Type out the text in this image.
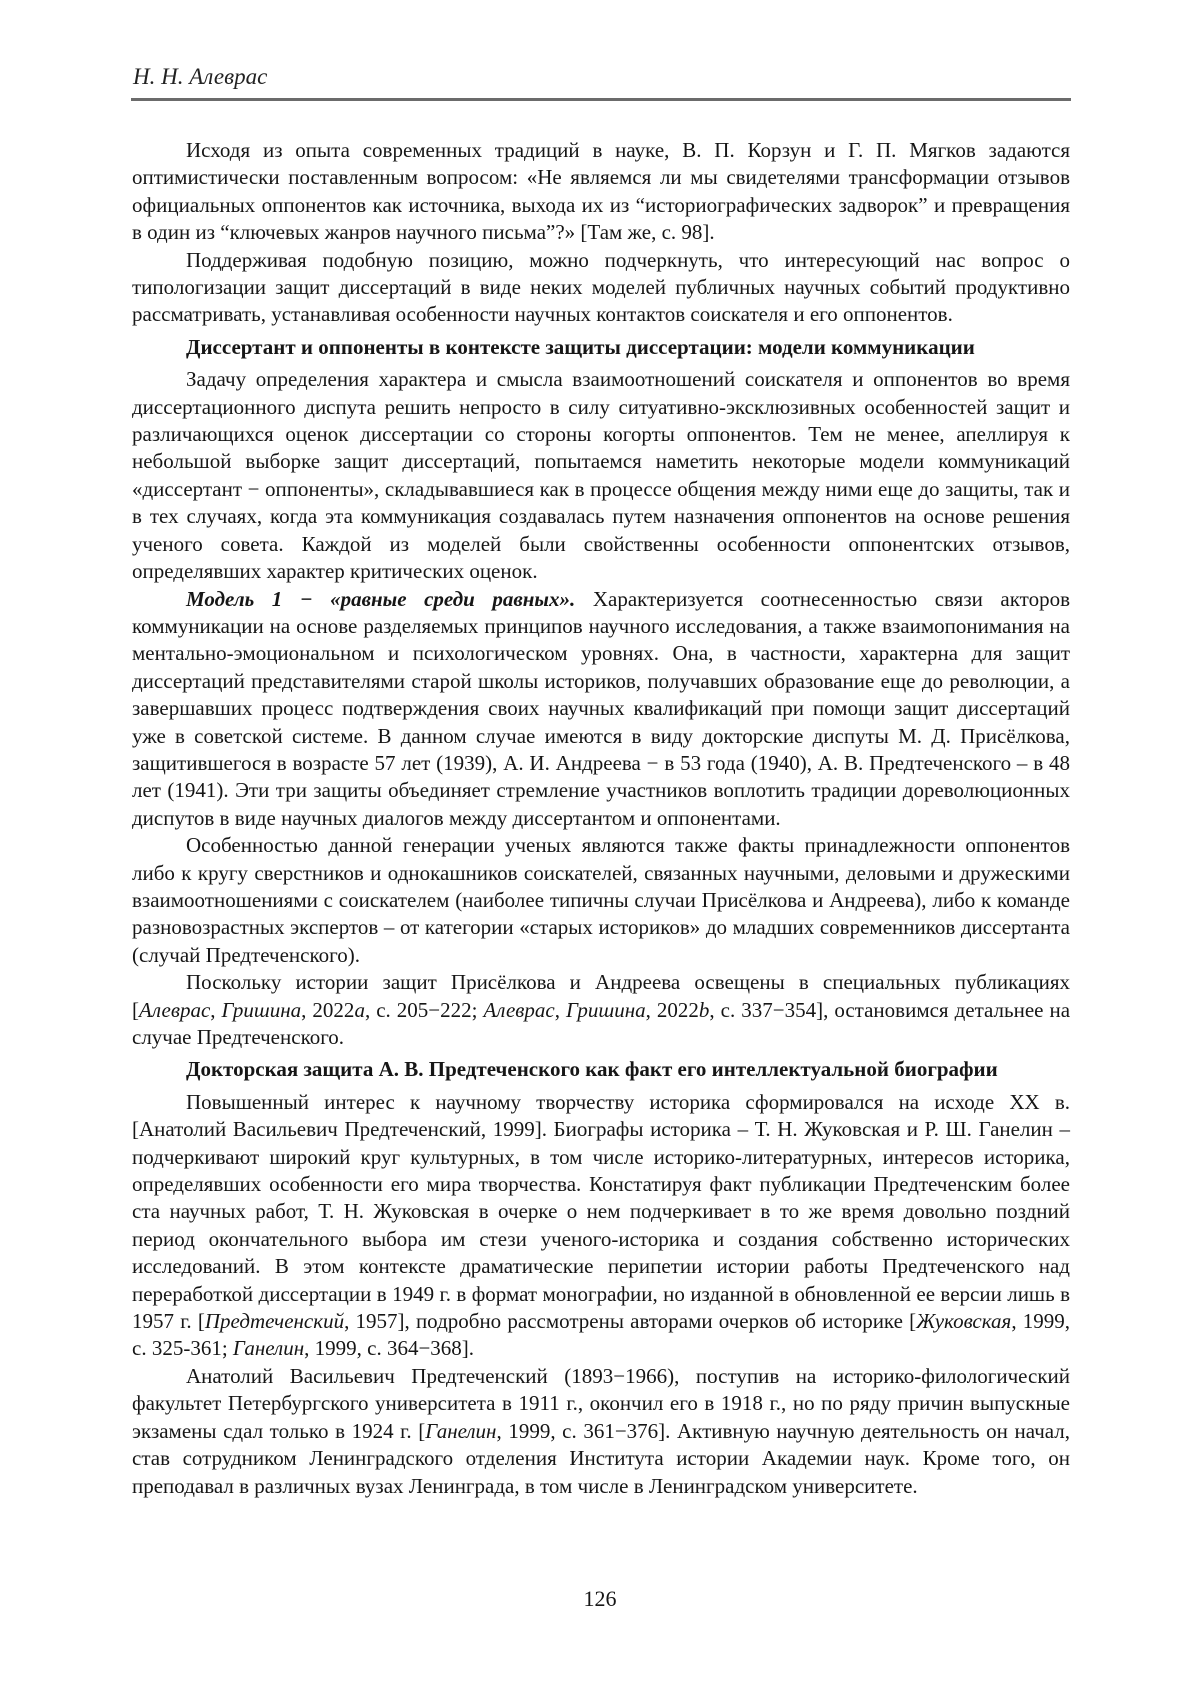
Н. Н. Алеврас

Исходя из опыта современных традиций в науке, В. П. Корзун и Г. П. Мягков задаются оптимистически поставленным вопросом: «Не являемся ли мы свидетелями трансформации отзывов официальных оппонентов как источника, выхода их из “историографических задворок” и превращения в один из “ключевых жанров научного письма”?» [Там же, с. 98].

Поддерживая подобную позицию, можно подчеркнуть, что интересующий нас вопрос о типологизации защит диссертаций в виде неких моделей публичных научных событий продуктивно рассматривать, устанавливая особенности научных контактов соискателя и его оппонентов.

Диссертант и оппоненты в контексте защиты диссертации: модели коммуникации

Задачу определения характера и смысла взаимоотношений соискателя и оппонентов во время диссертационного диспута решить непросто в силу ситуативно-эксклюзивных особенностей защит и различающихся оценок диссертации со стороны когорты оппонентов. Тем не менее, апеллируя к небольшой выборке защит диссертаций, попытаемся наметить некоторые модели коммуникаций «диссертант − оппоненты», складывавшиеся как в процессе общения между ними еще до защиты, так и в тех случаях, когда эта коммуникация создавалась путем назначения оппонентов на основе решения ученого совета. Каждой из моделей были свойственны особенности оппонентских отзывов, определявших характер критических оценок.

Модель 1 − «равные среди равных». Характеризуется соотнесенностью связи акторов коммуникации на основе разделяемых принципов научного исследования, а также взаимопонимания на ментально-эмоциональном и психологическом уровнях. Она, в частности, характерна для защит диссертаций представителями старой школы историков, получавших образование еще до революции, а завершавших процесс подтверждения своих научных квалификаций при помощи защит диссертаций уже в советской системе. В данном случае имеются в виду докторские диспуты М. Д. Присёлкова, защитившегося в возрасте 57 лет (1939), А. И. Андреева − в 53 года (1940), А. В. Предтеченского – в 48 лет (1941). Эти три защиты объединяет стремление участников воплотить традиции дореволюционных диспутов в виде научных диалогов между диссертантом и оппонентами.

Особенностью данной генерации ученых являются также факты принадлежности оппонентов либо к кругу сверстников и однокашников соискателей, связанных научными, деловыми и дружескими взаимоотношениями с соискателем (наиболее типичны случаи Присёлкова и Андреева), либо к команде разновозрастных экспертов – от категории «старых историков» до младших современников диссертанта (случай Предтеченского).

Поскольку истории защит Присёлкова и Андреева освещены в специальных публикациях [Алеврас, Гришина, 2022a, с. 205−222; Алеврас, Гришина, 2022b, с. 337−354], остановимся детальнее на случае Предтеченского.

Докторская защита А. В. Предтеченского как факт его интеллектуальной биографии

Повышенный интерес к научному творчеству историка сформировался на исходе XX в. [Анатолий Васильевич Предтеченский, 1999]. Биографы историка – Т. Н. Жуковская и Р. Ш. Ганелин – подчеркивают широкий круг культурных, в том числе историко-литературных, интересов историка, определявших особенности его мира творчества. Констатируя факт публикации Предтеченским более ста научных работ, Т. Н. Жуковская в очерке о нем подчеркивает в то же время довольно поздний период окончательного выбора им стези ученого-историка и создания собственно исторических исследований. В этом контексте драматические перипетии истории работы Предтеченского над переработкой диссертации в 1949 г. в формат монографии, но изданной в обновленной ее версии лишь в 1957 г. [Предтеченский, 1957], подробно рассмотрены авторами очерков об историке [Жуковская, 1999, с. 325-361; Ганелин, 1999, с. 364−368].

Анатолий Васильевич Предтеченский (1893−1966), поступив на историко-филологический факультет Петербургского университета в 1911 г., окончил его в 1918 г., но по ряду причин выпускные экзамены сдал только в 1924 г. [Ганелин, 1999, с. 361−376]. Активную научную деятельность он начал, став сотрудником Ленинградского отделения Института истории Академии наук. Кроме того, он преподавал в различных вузах Ленинграда, в том числе в Ленинградском университете.

126
